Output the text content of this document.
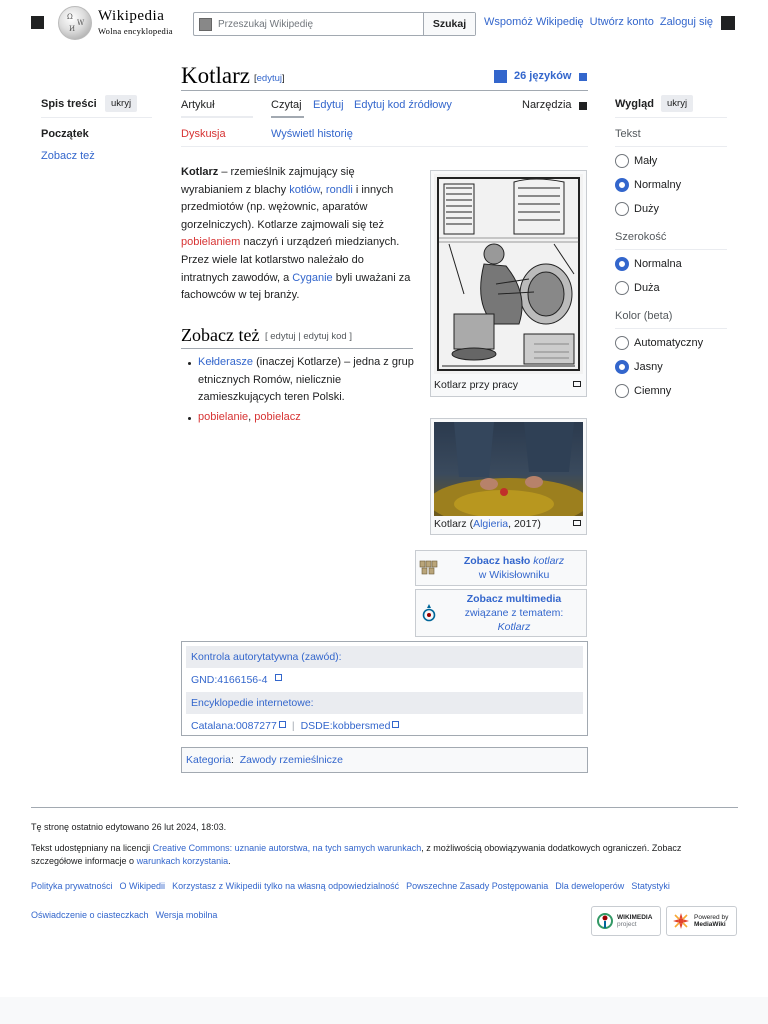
Ω
W
И
Wikipedia
Wolna encyklopedia
Przeszukaj Wikipedię	Szukaj	Wspomóż Wikipedię Utwórz konto Zaloguj się
Spis treści	ukryj
Początek
Zobacz też
Kotlarz [edytuj]	26 języków
Artykuł	Czytaj Edytuj Edytuj kod źródłowy	Narzędzia
Dyskusja	Wyświetl historię
Kotlarz – rzemieślnik zajmujący się wyrabianiem z blachy kotłów, rondli i innych przedmiotów (np. wężownic, aparatów gorzelniczych). Kotlarze zajmowali się też pobielaniem naczyń i urządzeń miedzianych. Przez wiele lat kotlarstwo należało do intratnych zawodów, a Cyganie byli uważani za fachowców w tej branży.
Zobacz też [ edytuj | edytuj kod ]
Kełderasze (inaczej Kotlarze) – jedna z grup etnicznych Romów, nielicznie zamieszkujących teren Polski.
pobielanie, pobielacz
Kotlarz przy pracy
Kotlarz (Algieria, 2017)
Zobacz hasło kotlarz
w Wikisłowniku
Zobacz multimedia
związane z tematem:
Kotlarz
Kontrola autorytatywna (zawód):
GND:4166156-4
Encyklopedie internetowe:
Catalana:0087277	| DSDE:kobbersmed
Kategoria:  Zawody rzemieślnicze
Wygląd	ukryj
Tekst
Mały
Normalny
Duży
Szerokość
Normalna
Duża
Kolor (beta)
Automatyczny
Jasny
Ciemny
Tę stronę ostatnio edytowano 26 lut 2024, 18:03.
Tekst udostępniany na licencji Creative Commons: uznanie autorstwa, na tych samych warunkach, z możliwością obowiązywania dodatkowych ograniczeń. Zobacz szczegółowe informacje o warunkach korzystania.
Polityka prywatności O Wikipedii Korzystasz z Wikipedii tylko na własną odpowiedzialność Powszechne Zasady Postępowania Dla deweloperów Statystyki
Oświadczenie o ciasteczkach Wersja mobilna	WIKIMEDIA
project
Powered by
MediaWiki
